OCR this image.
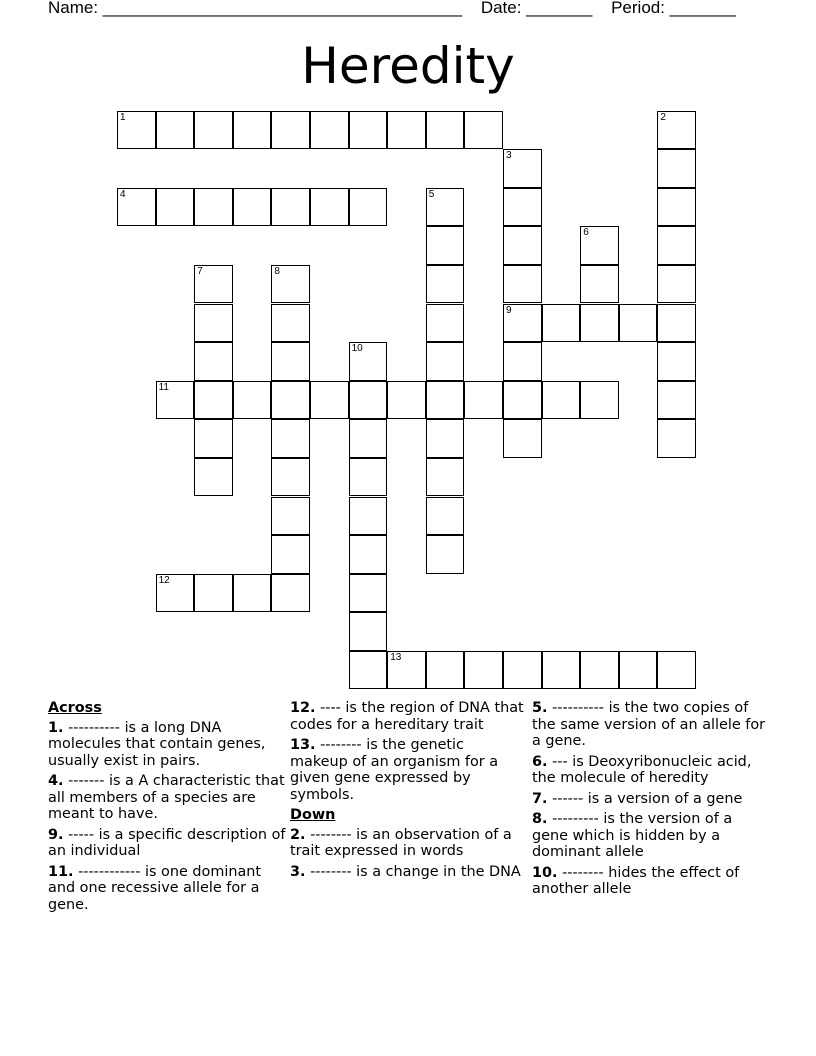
Name: ______________________________________ Date: _______ Period: _______
Heredity
1	2
3
9
4	5
6
7	8
10
11
12
13
Across
1. ---------- is a long DNA molecules that contain genes, usually exist in pairs.
4. ------- is a A characteristic that all members of a species are meant to have.
9. ----- is a specific description of an individual
11. ------------ is one dominant and one recessive allele for a gene.
12. ---- is the region of DNA that codes for a hereditary trait
13. -------- is the genetic makeup of an organism for a given gene expressed by symbols.
Down
2. -------- is an observation of a trait expressed in words
3. -------- is a change in the DNA
5. ---------- is the two copies of the same version of an allele for a gene.
6. --- is Deoxyribonucleic acid, the molecule of heredity
7. ------ is a version of a gene
8. --------- is the version of a gene which is hidden by a dominant allele
10. -------- hides the effect of another allele
